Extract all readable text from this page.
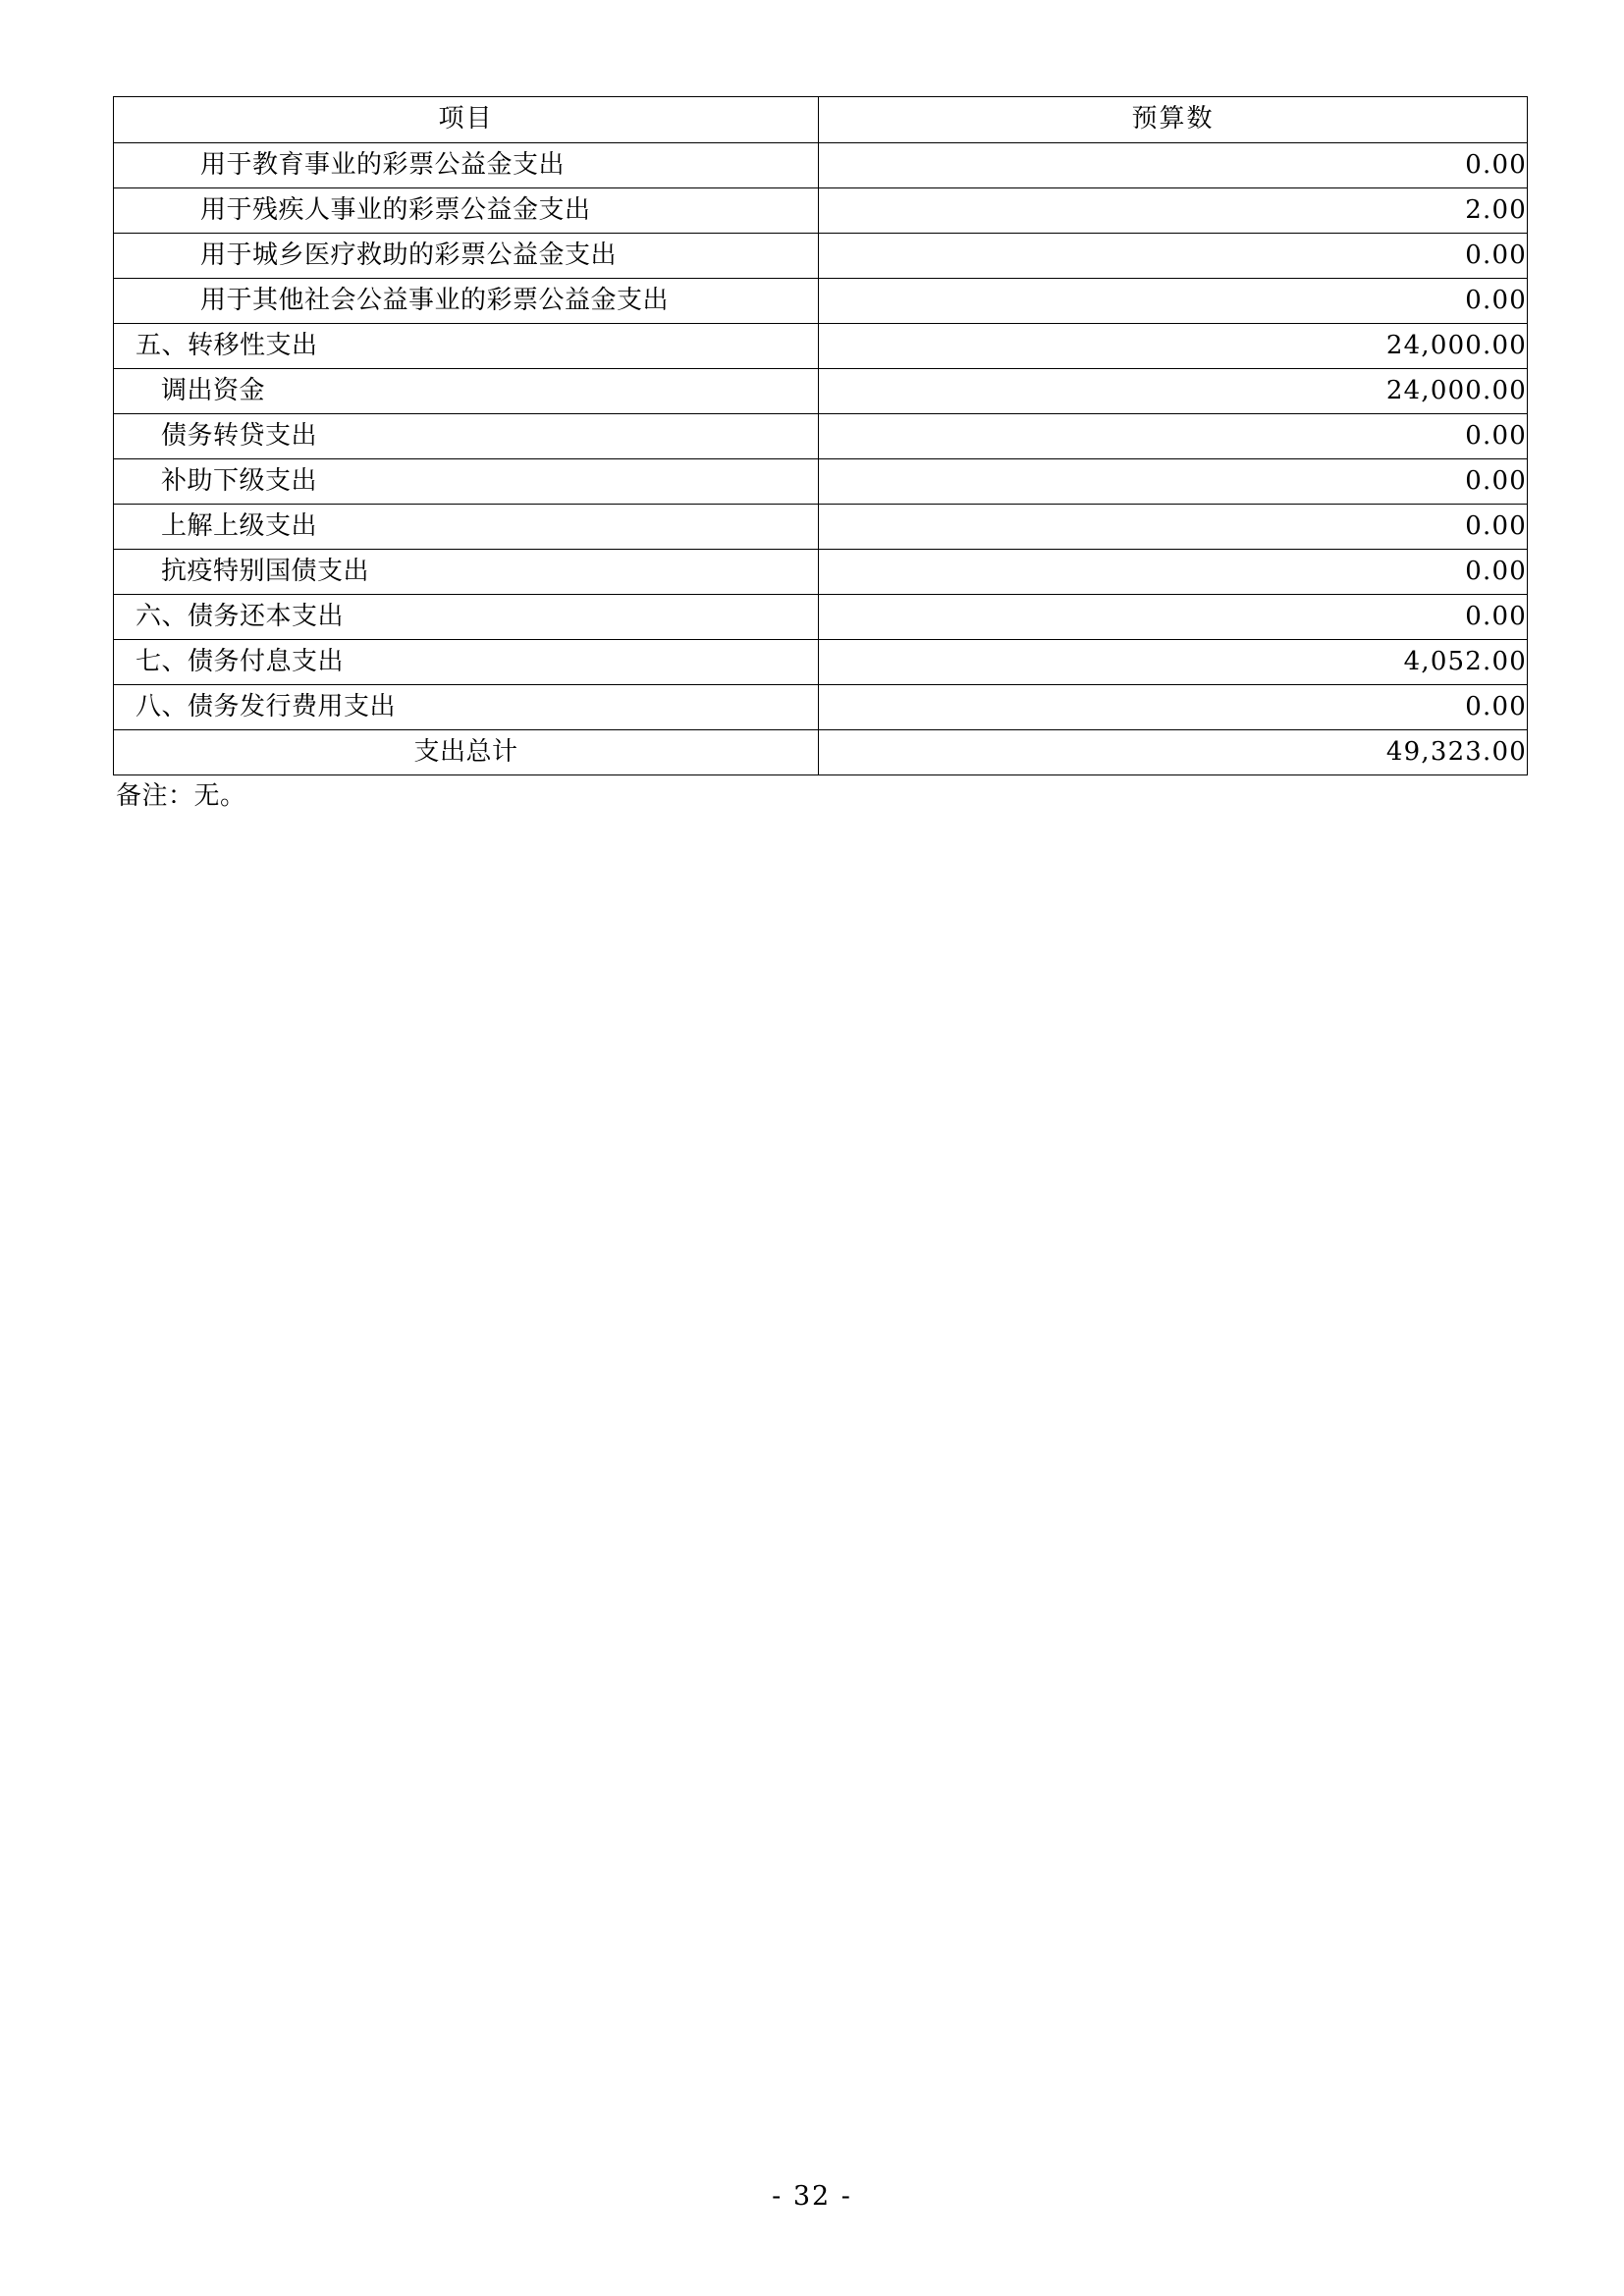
项目	预算数

用于教育事业的彩票公益金支出	0.00

用于残疾人事业的彩票公益金支出	2.00

用于城乡医疗救助的彩票公益金支出	0.00

用于其他社会公益事业的彩票公益金支出	0.00

五、转移性支出	24,000.00

调出资金	24,000.00

债务转贷支出	0.00

补助下级支出	0.00

上解上级支出	0.00

抗疫特别国债支出	0.00

六、债务还本支出	0.00

七、债务付息支出	4,052.00

八、债务发行费用支出	0.00

支出总计	49,323.00
备注：无。
- 32 -
